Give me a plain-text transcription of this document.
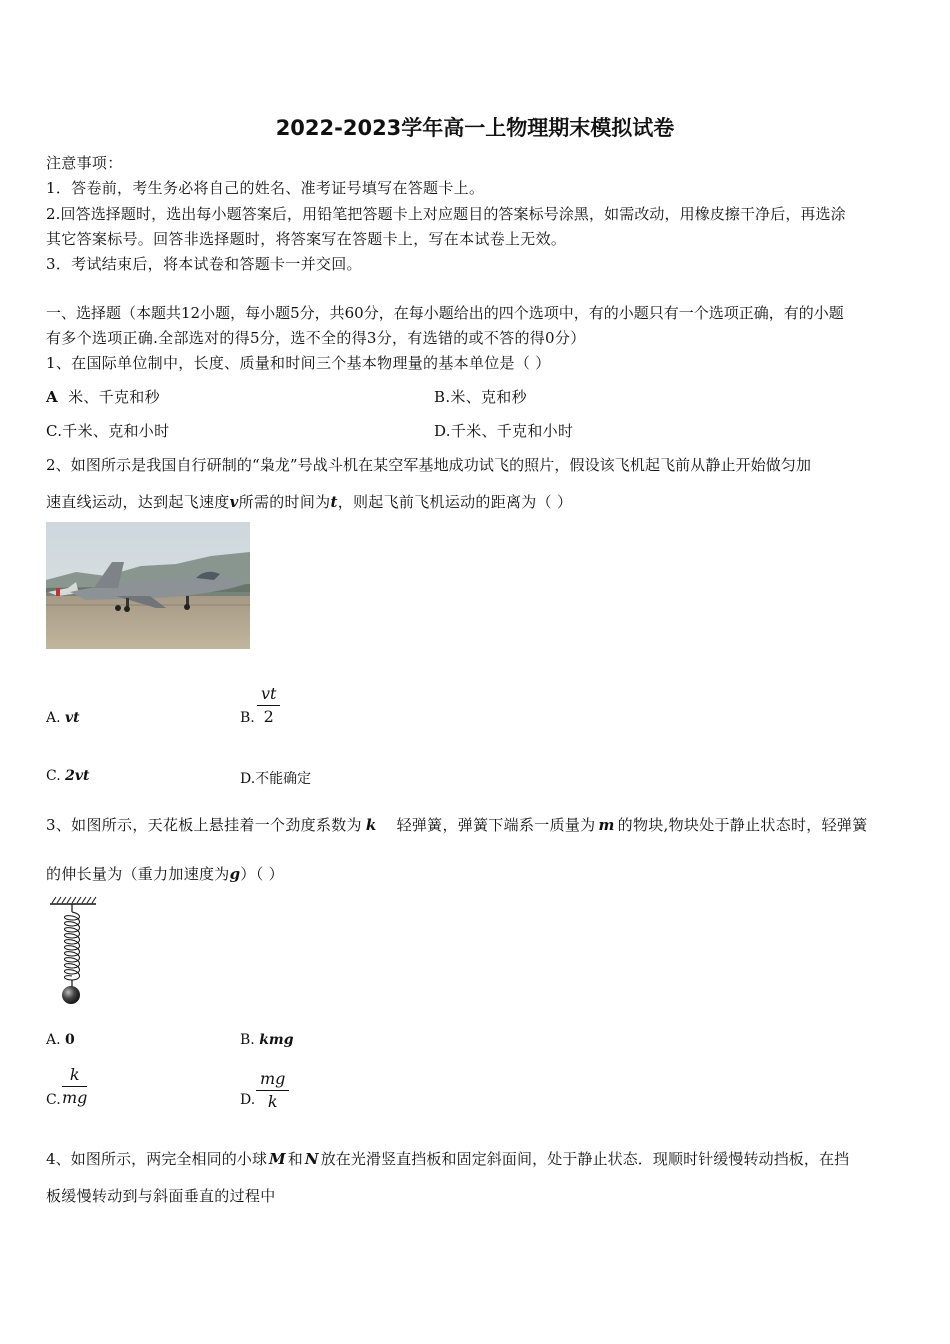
2022-2023学年高一上物理期末模拟试卷
注意事项：
1．答卷前，考生务必将自己的姓名、准考证号填写在答题卡上。
2.回答选择题时，选出每小题答案后，用铅笔把答题卡上对应题目的答案标号涂黑，如需改动，用橡皮擦干净后，再选涂
其它答案标号。回答非选择题时，将答案写在答题卡上，写在本试卷上无效。
3．考试结束后，将本试卷和答题卡一并交回。
一、选择题（本题共12小题，每小题5分，共60分，在每小题给出的四个选项中，有的小题只有一个选项正确，有的小题
有多个选项正确.全部选对的得5分，选不全的得3分，有选错的或不答的得0分）
1、在国际单位制中，长度、质量和时间三个基本物理量的基本单位是（ ）
A 米、千克和秒	B.米、克和秒
C.千米、克和小时	D.千米、千克和小时
2、如图所示是我国自行研制的“枭龙”号战斗机在某空军基地成功试飞的照片，假设该飞机起飞前从静止开始做匀加
速直线运动，达到起飞速度v所需的时间为t，则起飞前飞机运动的距离为（ ）
A. vt	B.
vt
2
C. 2vt	D.不能确定
3、如图所示，天花板上悬挂着一个劲度系数为 k 轻弹簧，弹簧下端系一质量为 m 的物块,物块处于静止状态时，轻弹簧
的伸长量为（重力加速度为g）（ ）
A. 0	B. kmg
C.
k
mg	D.
mg
k
4、如图所示，两完全相同的小球 M 和 N 放在光滑竖直挡板和固定斜面间，处于静止状态．现顺时针缓慢转动挡板，在挡
板缓慢转动到与斜面垂直的过程中
